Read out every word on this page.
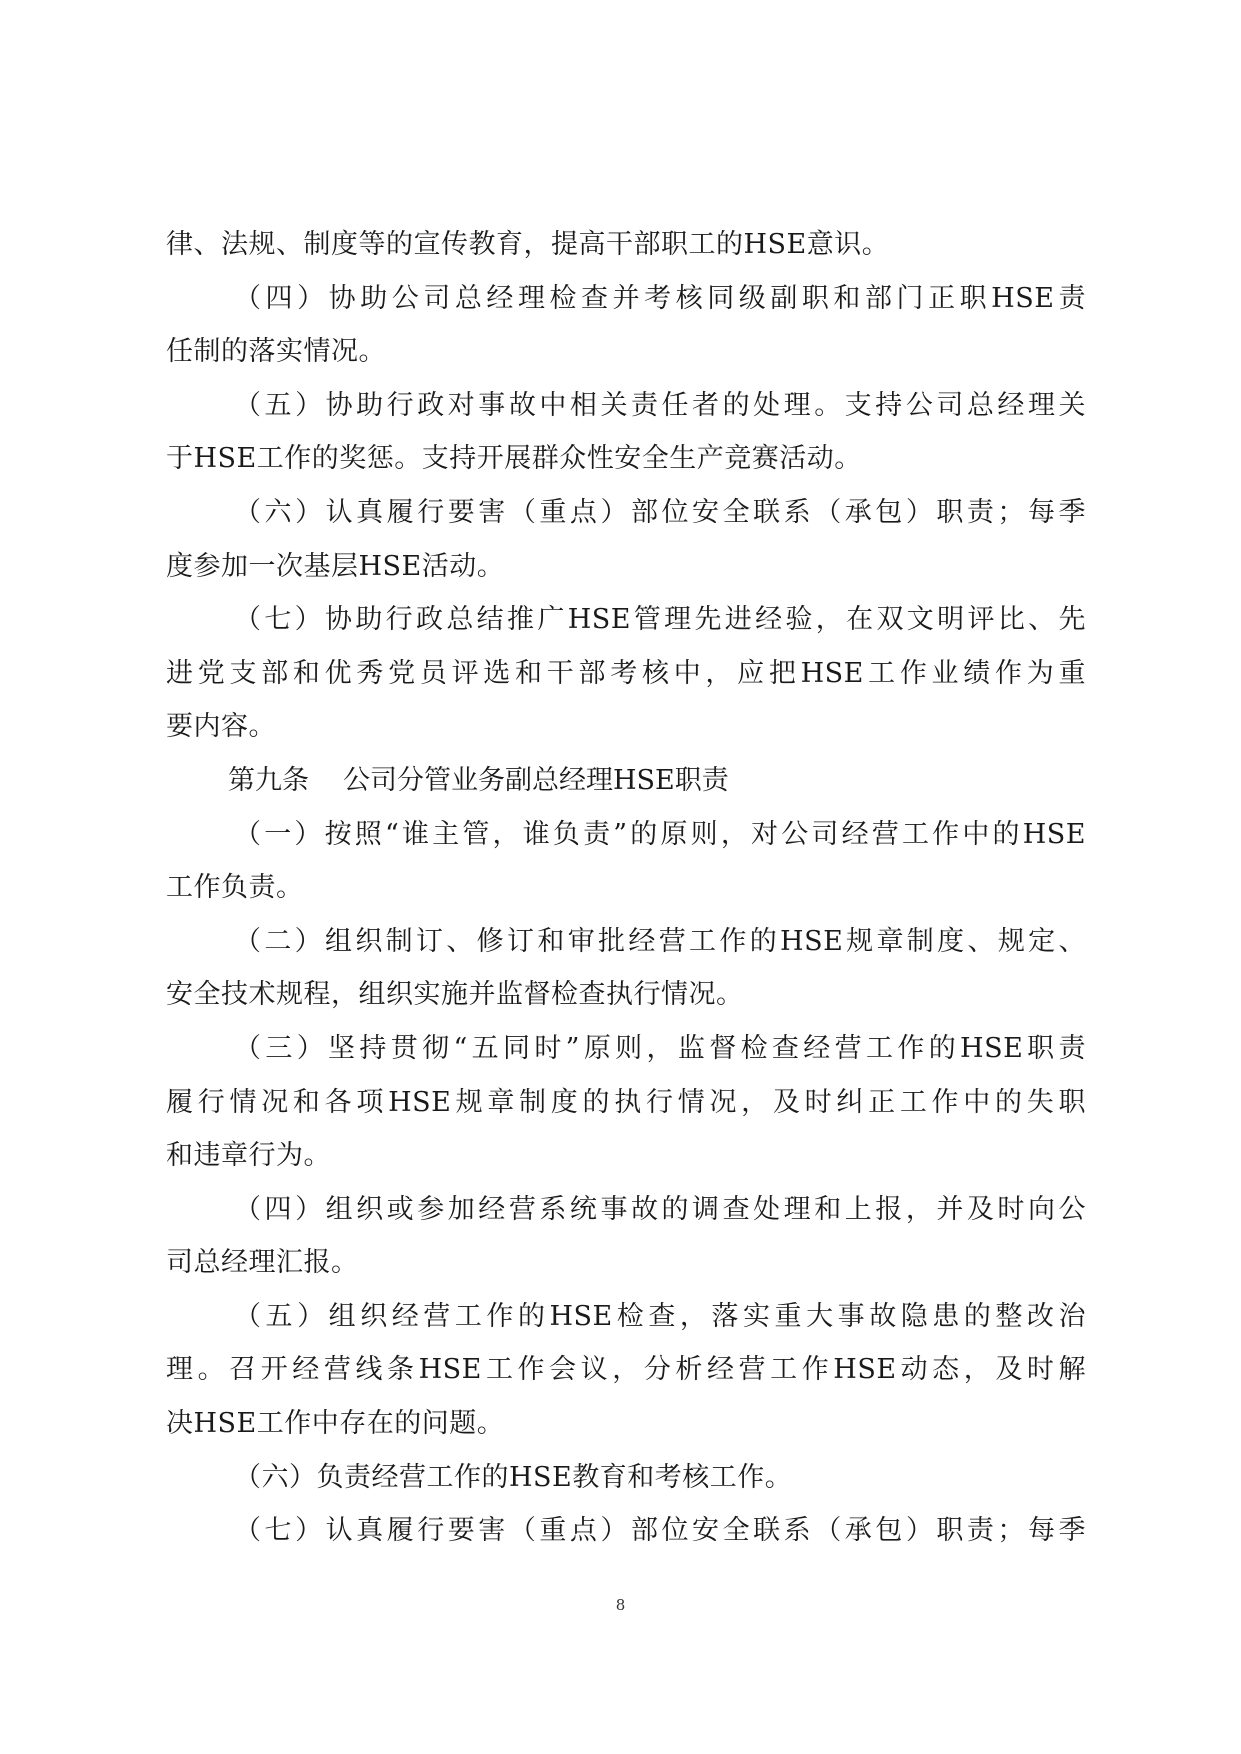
律、法规、制度等的宣传教育，提高干部职工的HSE意识。
（四）协助公司总经理检查并考核同级副职和部门正职HSE责
任制的落实情况。
（五）协助行政对事故中相关责任者的处理。支持公司总经理关
于HSE工作的奖惩。支持开展群众性安全生产竞赛活动。
（六）认真履行要害（重点）部位安全联系（承包）职责；每季
度参加一次基层HSE活动。
（七）协助行政总结推广HSE管理先进经验，在双文明评比、先
进党支部和优秀党员评选和干部考核中，应把HSE工作业绩作为重
要内容。
第九条 公司分管业务副总经理HSE职责
（一）按照“谁主管，谁负责”的原则，对公司经营工作中的HSE
工作负责。
（二）组织制订、修订和审批经营工作的HSE规章制度、规定、
安全技术规程，组织实施并监督检查执行情况。
（三）坚持贯彻“五同时”原则，监督检查经营工作的HSE职责
履行情况和各项HSE规章制度的执行情况，及时纠正工作中的失职
和违章行为。
（四）组织或参加经营系统事故的调查处理和上报，并及时向公
司总经理汇报。
（五）组织经营工作的HSE检查，落实重大事故隐患的整改治
理。召开经营线条HSE工作会议，分析经营工作HSE动态，及时解
决HSE工作中存在的问题。
（六）负责经营工作的HSE教育和考核工作。
（七）认真履行要害（重点）部位安全联系（承包）职责；每季
8
